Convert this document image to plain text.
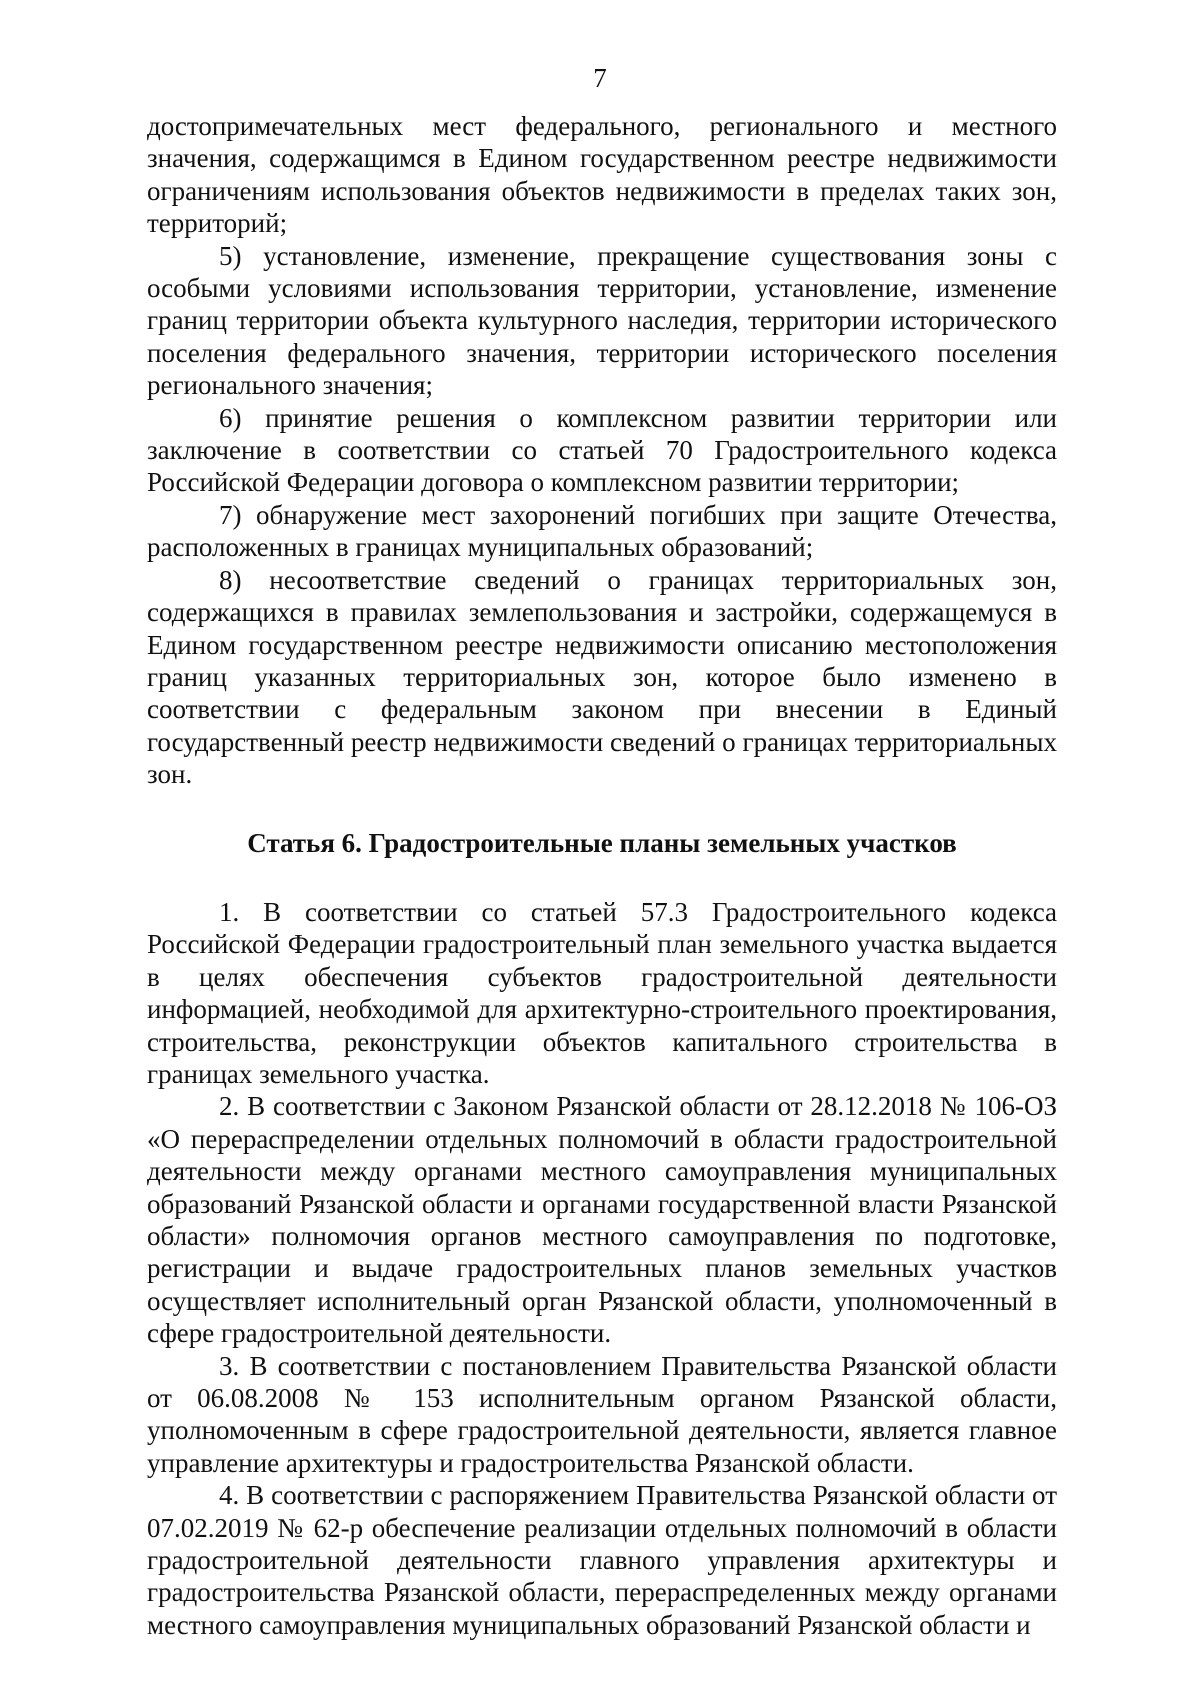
7

достопримечательных мест федерального, регионального и местного значения, содержащимся в Едином государственном реестре недвижимости ограничениям использования объектов недвижимости в пределах таких зон, территорий;

5) установление, изменение, прекращение существования зоны с особыми условиями использования территории, установление, изменение границ территории объекта культурного наследия, территории исторического поселения федерального значения, территории исторического поселения регионального значения;

6) принятие решения о комплексном развитии территории или заключение в соответствии со статьей 70 Градостроительного кодекса Российской Федерации договора о комплексном развитии территории;

7) обнаружение мест захоронений погибших при защите Отечества, расположенных в границах муниципальных образований;

8) несоответствие сведений о границах территориальных зон, содержащихся в правилах землепользования и застройки, содержащемуся в Едином государственном реестре недвижимости описанию местоположения границ указанных территориальных зон, которое было изменено в соответствии с федеральным законом при внесении в Единый государственный реестр недвижимости сведений о границах территориальных зон.

Статья 6. Градостроительные планы земельных участков

1. В соответствии со статьей 57.3 Градостроительного кодекса Российской Федерации градостроительный план земельного участка выдается в целях обеспечения субъектов градостроительной деятельности информацией, необходимой для архитектурно-строительного проектирования, строительства, реконструкции объектов капитального строительства в границах земельного участка.

2. В соответствии с Законом Рязанской области от 28.12.2018 № 106-ОЗ «О перераспределении отдельных полномочий в области градостроительной деятельности между органами местного самоуправления муниципальных образований Рязанской области и органами государственной власти Рязанской области» полномочия органов местного самоуправления по подготовке, регистрации и выдаче градостроительных планов земельных участков осуществляет исполнительный орган Рязанской области, уполномоченный в сфере градостроительной деятельности.

3. В соответствии с постановлением Правительства Рязанской области от 06.08.2008 № 153 исполнительным органом Рязанской области, уполномоченным в сфере градостроительной деятельности, является главное управление архитектуры и градостроительства Рязанской области.

4. В соответствии с распоряжением Правительства Рязанской области от 07.02.2019 № 62-р обеспечение реализации отдельных полномочий в области градостроительной деятельности главного управления архитектуры и градостроительства Рязанской области, перераспределенных между органами местного самоуправления муниципальных образований Рязанской области и
